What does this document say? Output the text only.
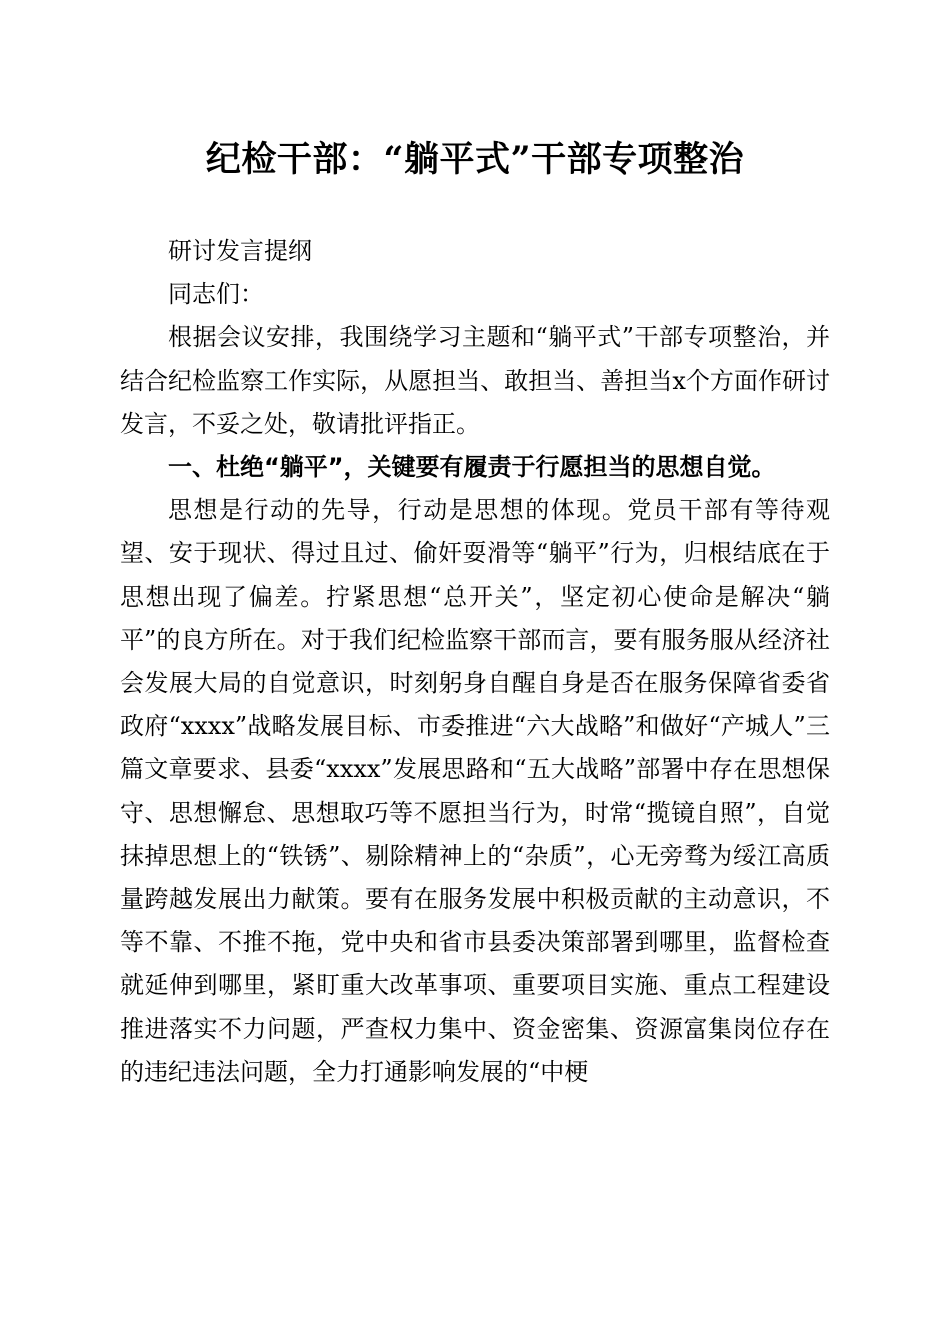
纪检干部：“躺平式”干部专项整治

研讨发言提纲

同志们：

根据会议安排，我围绕学习主题和“躺平式”干部专项整治，并结合纪检监察工作实际，从愿担当、敢担当、善担当x个方面作研讨发言，不妥之处，敬请批评指正。

一、杜绝“躺平”，关键要有履责于行愿担当的思想自觉。

思想是行动的先导，行动是思想的体现。党员干部有等待观望、安于现状、得过且过、偷奸耍滑等“躺平”行为，归根结底在于思想出现了偏差。拧紧思想“总开关”，坚定初心使命是解决“躺平”的良方所在。对于我们纪检监察干部而言，要有服务服从经济社会发展大局的自觉意识，时刻躬身自醒自身是否在服务保障省委省政府“xxxx”战略发展目标、市委推进“六大战略”和做好“产城人”三篇文章要求、县委“xxxx”发展思路和“五大战略”部署中存在思想保守、思想懈怠、思想取巧等不愿担当行为，时常“揽镜自照”，自觉抹掉思想上的“铁锈”、剔除精神上的“杂质”，心无旁骛为绥江高质量跨越发展出力献策。要有在服务发展中积极贡献的主动意识，不等不靠、不推不拖，党中央和省市县委决策部署到哪里，监督检查就延伸到哪里，紧盯重大改革事项、重要项目实施、重点工程建设推进落实不力问题，严查权力集中、资金密集、资源富集岗位存在的违纪违法问题，全力打通影响发展的“中梗
